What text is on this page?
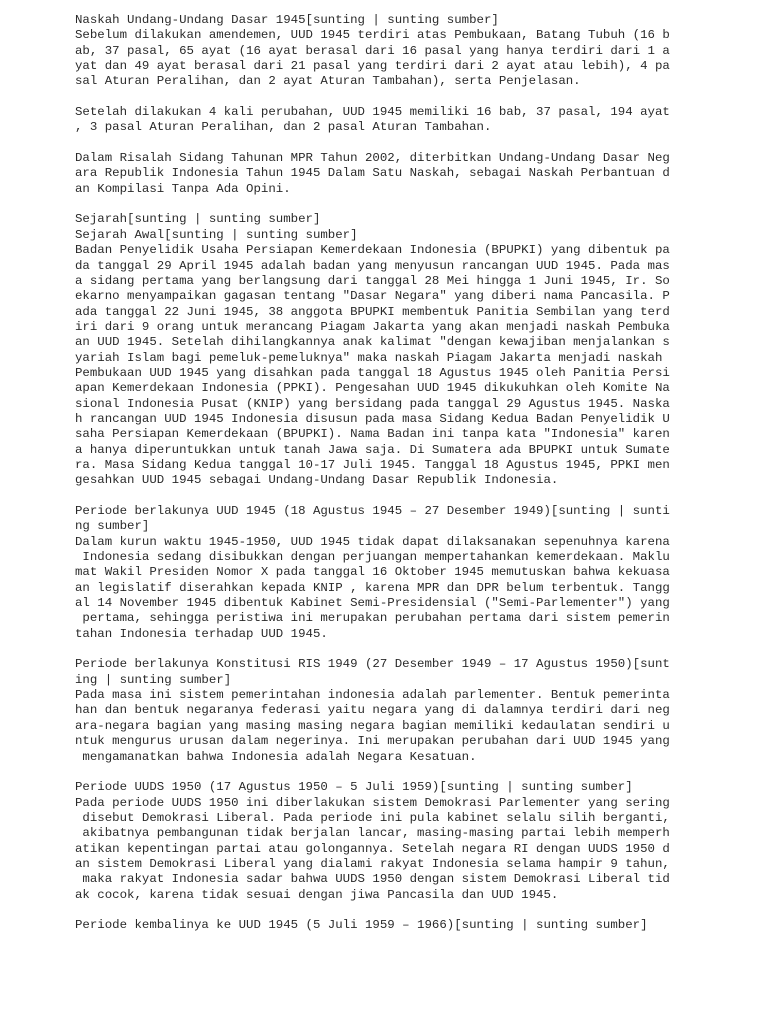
Naskah Undang-Undang Dasar 1945[sunting | sunting sumber]
Sebelum dilakukan amendemen, UUD 1945 terdiri atas Pembukaan, Batang Tubuh (16 b
ab, 37 pasal, 65 ayat (16 ayat berasal dari 16 pasal yang hanya terdiri dari 1 a
yat dan 49 ayat berasal dari 21 pasal yang terdiri dari 2 ayat atau lebih), 4 pa
sal Aturan Peralihan, dan 2 ayat Aturan Tambahan), serta Penjelasan.
Setelah dilakukan 4 kali perubahan, UUD 1945 memiliki 16 bab, 37 pasal, 194 ayat
, 3 pasal Aturan Peralihan, dan 2 pasal Aturan Tambahan.
Dalam Risalah Sidang Tahunan MPR Tahun 2002, diterbitkan Undang-Undang Dasar Neg
ara Republik Indonesia Tahun 1945 Dalam Satu Naskah, sebagai Naskah Perbantuan d
an Kompilasi Tanpa Ada Opini.
Sejarah[sunting | sunting sumber]
Sejarah Awal[sunting | sunting sumber]
Badan Penyelidik Usaha Persiapan Kemerdekaan Indonesia (BPUPKI) yang dibentuk pa
da tanggal 29 April 1945 adalah badan yang menyusun rancangan UUD 1945. Pada mas
a sidang pertama yang berlangsung dari tanggal 28 Mei hingga 1 Juni 1945, Ir. So
ekarno menyampaikan gagasan tentang "Dasar Negara" yang diberi nama Pancasila. P
ada tanggal 22 Juni 1945, 38 anggota BPUPKI membentuk Panitia Sembilan yang terd
iri dari 9 orang untuk merancang Piagam Jakarta yang akan menjadi naskah Pembuka
an UUD 1945. Setelah dihilangkannya anak kalimat "dengan kewajiban menjalankan s
yariah Islam bagi pemeluk-pemeluknya" maka naskah Piagam Jakarta menjadi naskah
Pembukaan UUD 1945 yang disahkan pada tanggal 18 Agustus 1945 oleh Panitia Persi
apan Kemerdekaan Indonesia (PPKI). Pengesahan UUD 1945 dikukuhkan oleh Komite Na
sional Indonesia Pusat (KNIP) yang bersidang pada tanggal 29 Agustus 1945. Naska
h rancangan UUD 1945 Indonesia disusun pada masa Sidang Kedua Badan Penyelidik U
saha Persiapan Kemerdekaan (BPUPKI). Nama Badan ini tanpa kata "Indonesia" karen
a hanya diperuntukkan untuk tanah Jawa saja. Di Sumatera ada BPUPKI untuk Sumate
ra. Masa Sidang Kedua tanggal 10-17 Juli 1945. Tanggal 18 Agustus 1945, PPKI men
gesahkan UUD 1945 sebagai Undang-Undang Dasar Republik Indonesia.
Periode berlakunya UUD 1945 (18 Agustus 1945 – 27 Desember 1949)[sunting | sunti
ng sumber]
Dalam kurun waktu 1945-1950, UUD 1945 tidak dapat dilaksanakan sepenuhnya karena
Indonesia sedang disibukkan dengan perjuangan mempertahankan kemerdekaan. Maklu
mat Wakil Presiden Nomor X pada tanggal 16 Oktober 1945 memutuskan bahwa kekuasa
an legislatif diserahkan kepada KNIP , karena MPR dan DPR belum terbentuk. Tangg
al 14 November 1945 dibentuk Kabinet Semi-Presidensial ("Semi-Parlementer") yang
pertama, sehingga peristiwa ini merupakan perubahan pertama dari sistem pemerin
tahan Indonesia terhadap UUD 1945.
Periode berlakunya Konstitusi RIS 1949 (27 Desember 1949 – 17 Agustus 1950)[sunt
ing | sunting sumber]
Pada masa ini sistem pemerintahan indonesia adalah parlementer. Bentuk pemerinta
han dan bentuk negaranya federasi yaitu negara yang di dalamnya terdiri dari neg
ara-negara bagian yang masing masing negara bagian memiliki kedaulatan sendiri u
ntuk mengurus urusan dalam negerinya. Ini merupakan perubahan dari UUD 1945 yang
mengamanatkan bahwa Indonesia adalah Negara Kesatuan.
Periode UUDS 1950 (17 Agustus 1950 – 5 Juli 1959)[sunting | sunting sumber]
Pada periode UUDS 1950 ini diberlakukan sistem Demokrasi Parlementer yang sering
disebut Demokrasi Liberal. Pada periode ini pula kabinet selalu silih berganti,
akibatnya pembangunan tidak berjalan lancar, masing-masing partai lebih memperh
atikan kepentingan partai atau golongannya. Setelah negara RI dengan UUDS 1950 d
an sistem Demokrasi Liberal yang dialami rakyat Indonesia selama hampir 9 tahun,
maka rakyat Indonesia sadar bahwa UUDS 1950 dengan sistem Demokrasi Liberal tid
ak cocok, karena tidak sesuai dengan jiwa Pancasila dan UUD 1945.
Periode kembalinya ke UUD 1945 (5 Juli 1959 – 1966)[sunting | sunting sumber]
